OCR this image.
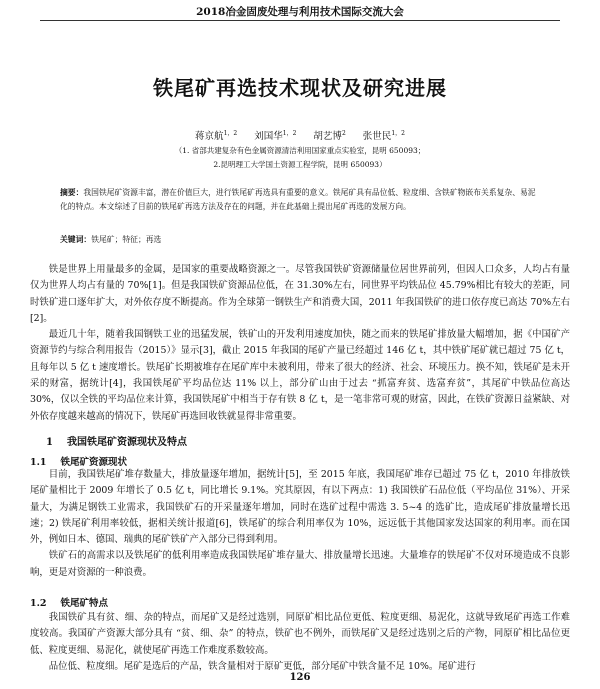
2018冶金固废处理与利用技术国际交流大会
铁尾矿再选技术现状及研究进展
蒋京航$^{1,2}$ 刘国华$^{1,2}$ 胡艺博$^2$ 张世民$^{1,2}$
（1. 省部共建复杂有色金属资源清洁利用国家重点实验室，昆明 650093；
2.昆明理工大学国土资源工程学院，昆明 650093）
摘要：我国铁尾矿资源丰富，潜在价值巨大，进行铁尾矿再选具有重要的意义。铁尾矿具有品位低、粒度细、含铁矿物嵌布关系复杂、易泥化的特点。本文综述了目前的铁尾矿再选方法及存在的问题，并在此基础上提出尾矿再选的发展方向。
关键词：铁尾矿；特征；再选

铁是世界上用量最多的金属，是国家的重要战略资源之一。尽管我国铁矿资源储量位居世界前列，但因人口众多，人均占有量仅为世界人均占有量的 70%[1]。但是我国铁矿资源品位低，在 31.30%左右，同世界平均铁品位 45.79%相比有较大的差距，同时铁矿进口逐年扩大，对外依存度不断提高。作为全球第一钢铁生产和消费大国，2011 年我国铁矿的进口依存度已高达 70%左右[2]。

最近几十年，随着我国钢铁工业的迅猛发展，铁矿山的开发利用速度加快，随之而来的铁尾矿排放量大幅增加，据《中国矿产资源节约与综合利用报告（2015）》显示[3]，截止 2015 年我国的尾矿产量已经超过 146 亿 t，其中铁矿尾矿就已超过 75 亿 t，且每年以 5 亿 t 速度增长。铁尾矿长期被堆存在尾矿库中未被利用，带来了很大的经济、社会、环境压力。换不知，铁尾矿是未开采的财富，据统计[4]，我国铁尾矿平均品位达 11% 以上，部分矿山由于过去 “抓富弃贫、选富弃贫”，其尾矿中铁品位高达 30%，仅以全铁的平均品位来计算，我国铁尾矿中相当于存有铁 8 亿 t，是一笔非常可观的财富，因此，在铁矿资源日益紧缺、对外依存度越来越高的情况下，铁尾矿再选回收铁就显得非常重要。

1 我国铁尾矿资源现状及特点
1.1 铁尾矿资源现状

目前，我国铁尾矿堆存数量大，排放量逐年增加，据统计[5]，至 2015 年底，我国尾矿堆存已超过 75 亿 t，2010 年排放铁尾矿量相比于 2009 年增长了 0.5 亿 t，同比增长 9.1%。究其原因，有以下两点：1) 我国铁矿石品位低（平均品位 31%）、开采量大，为满足钢铁工业需求，我国铁矿石的开采量逐年增加，同时在选矿过程中需选 3. 5~4 的选矿比，造成尾矿排放量增长迅速；2) 铁尾矿利用率较低，据相关统计报道[6]，铁尾矿的综合利用率仅为 10%，远远低于其他国家发达国家的利用率。而在国外，例如日本、德国、瑞典的尾矿铁矿产入部分已得到利用。

铁矿石的高需求以及铁尾矿的低利用率造成我国铁尾矿堆存量大、排放量增长迅速。大量堆存的铁尾矿不仅对环境造成不良影响，更是对资源的一种浪费。

1.2 铁尾矿特点

我国铁矿具有贫、细、杂的特点，而尾矿又是经过选别，同原矿相比品位更低、粒度更细、易泥化，这就导致尾矿再选工作难度较高。我国矿产资源大部分具有 “贫、细、杂” 的特点，铁矿也不例外，而铁尾矿又是经过选别之后的产物，同原矿相比品位更低、粒度更细、易泥化，就使尾矿再选工作难度系数较高。

品位低、粒度细。尾矿是选后的产品，铁含量相对于原矿更低，部分尾矿中铁含量不足 10%。尾矿进行

126
